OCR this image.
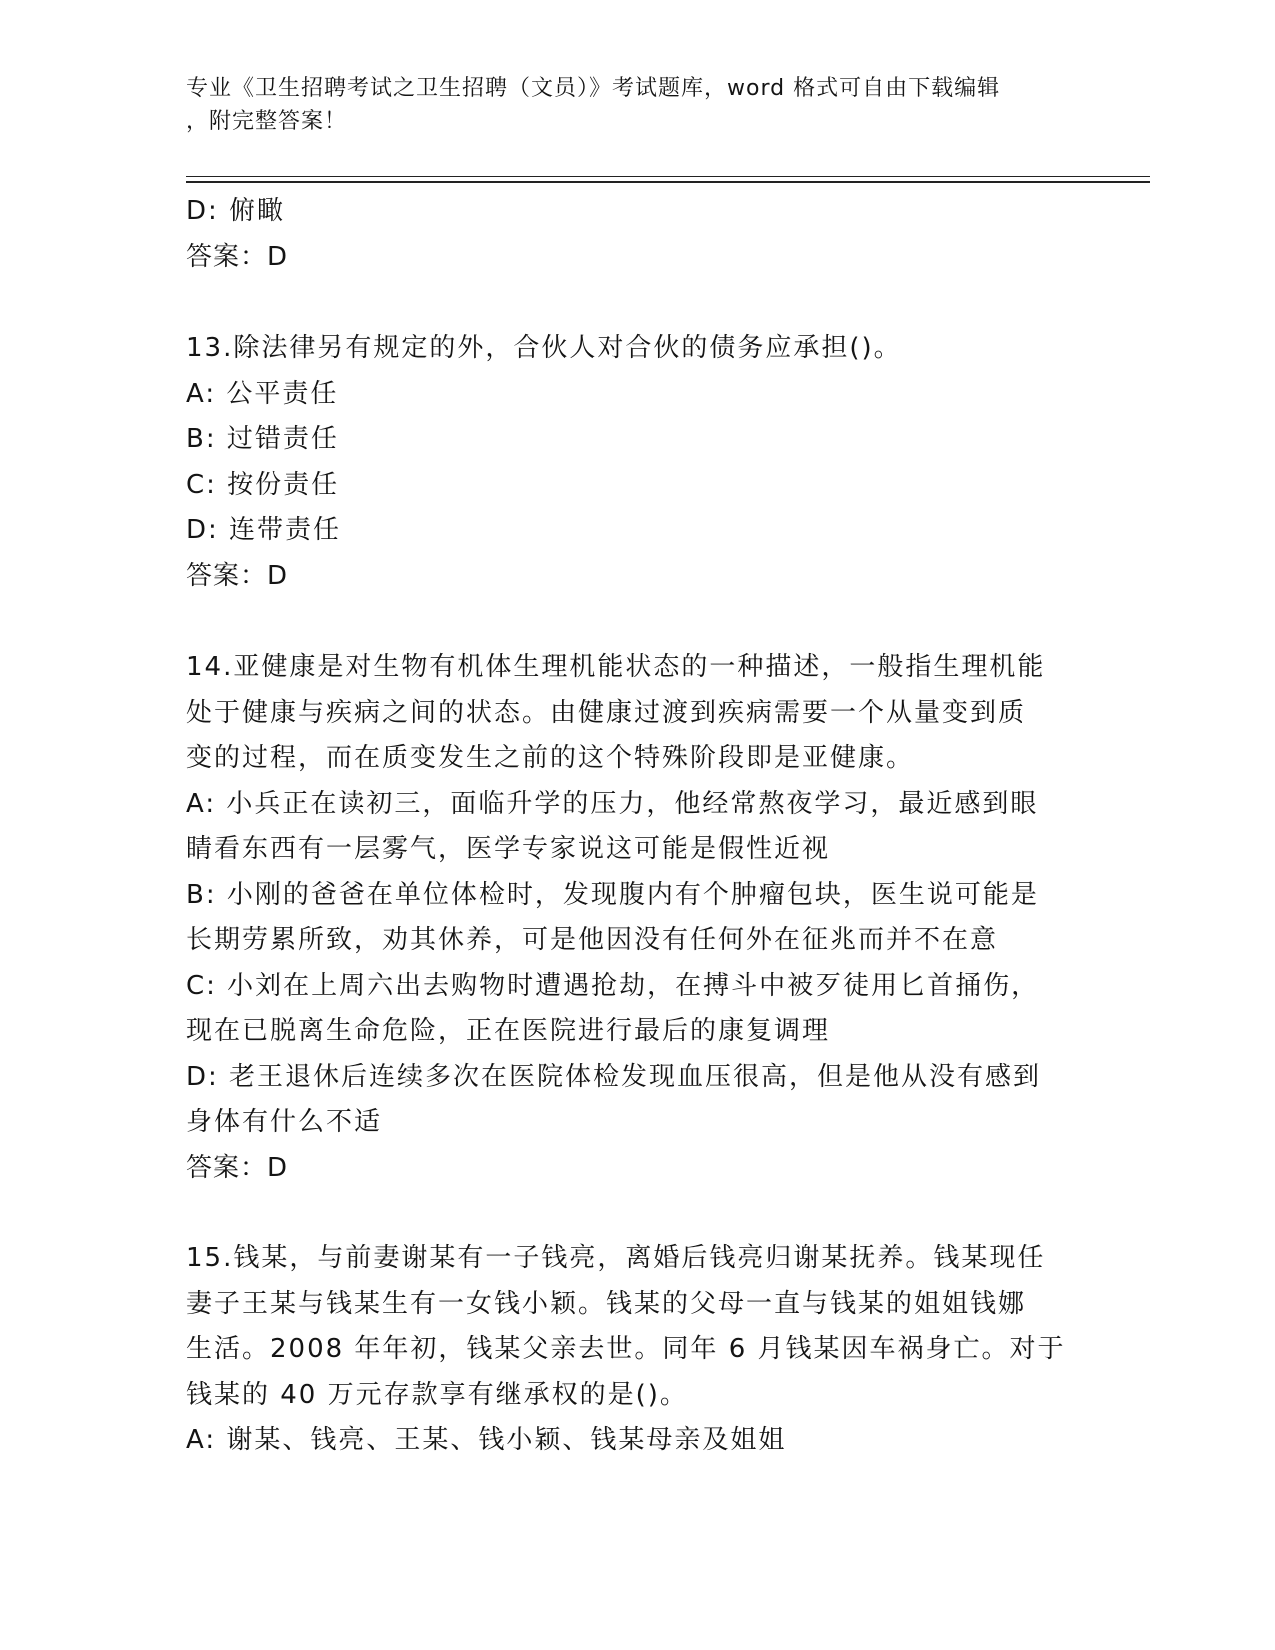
专业《卫生招聘考试之卫生招聘（文员）》考试题库，word 格式可自由下载编辑
，附完整答案！

D: 俯瞰

答案：D

13.除法律另有规定的外，合伙人对合伙的债务应承担()。

A: 公平责任

B: 过错责任

C: 按份责任

D: 连带责任

答案：D

14.亚健康是对生物有机体生理机能状态的一种描述，一般指生理机能

处于健康与疾病之间的状态。由健康过渡到疾病需要一个从量变到质

变的过程，而在质变发生之前的这个特殊阶段即是亚健康。

A: 小兵正在读初三，面临升学的压力，他经常熬夜学习，最近感到眼

睛看东西有一层雾气，医学专家说这可能是假性近视

B: 小刚的爸爸在单位体检时，发现腹内有个肿瘤包块，医生说可能是

长期劳累所致，劝其休养，可是他因没有任何外在征兆而并不在意

C: 小刘在上周六出去购物时遭遇抢劫，在搏斗中被歹徒用匕首捅伤，

现在已脱离生命危险，正在医院进行最后的康复调理

D: 老王退休后连续多次在医院体检发现血压很高，但是他从没有感到

身体有什么不适

答案：D

15.钱某，与前妻谢某有一子钱亮，离婚后钱亮归谢某抚养。钱某现任

妻子王某与钱某生有一女钱小颖。钱某的父母一直与钱某的姐姐钱娜

生活。2008 年年初，钱某父亲去世。同年 6 月钱某因车祸身亡。对于

钱某的 40 万元存款享有继承权的是()。

A: 谢某、钱亮、王某、钱小颖、钱某母亲及姐姐
